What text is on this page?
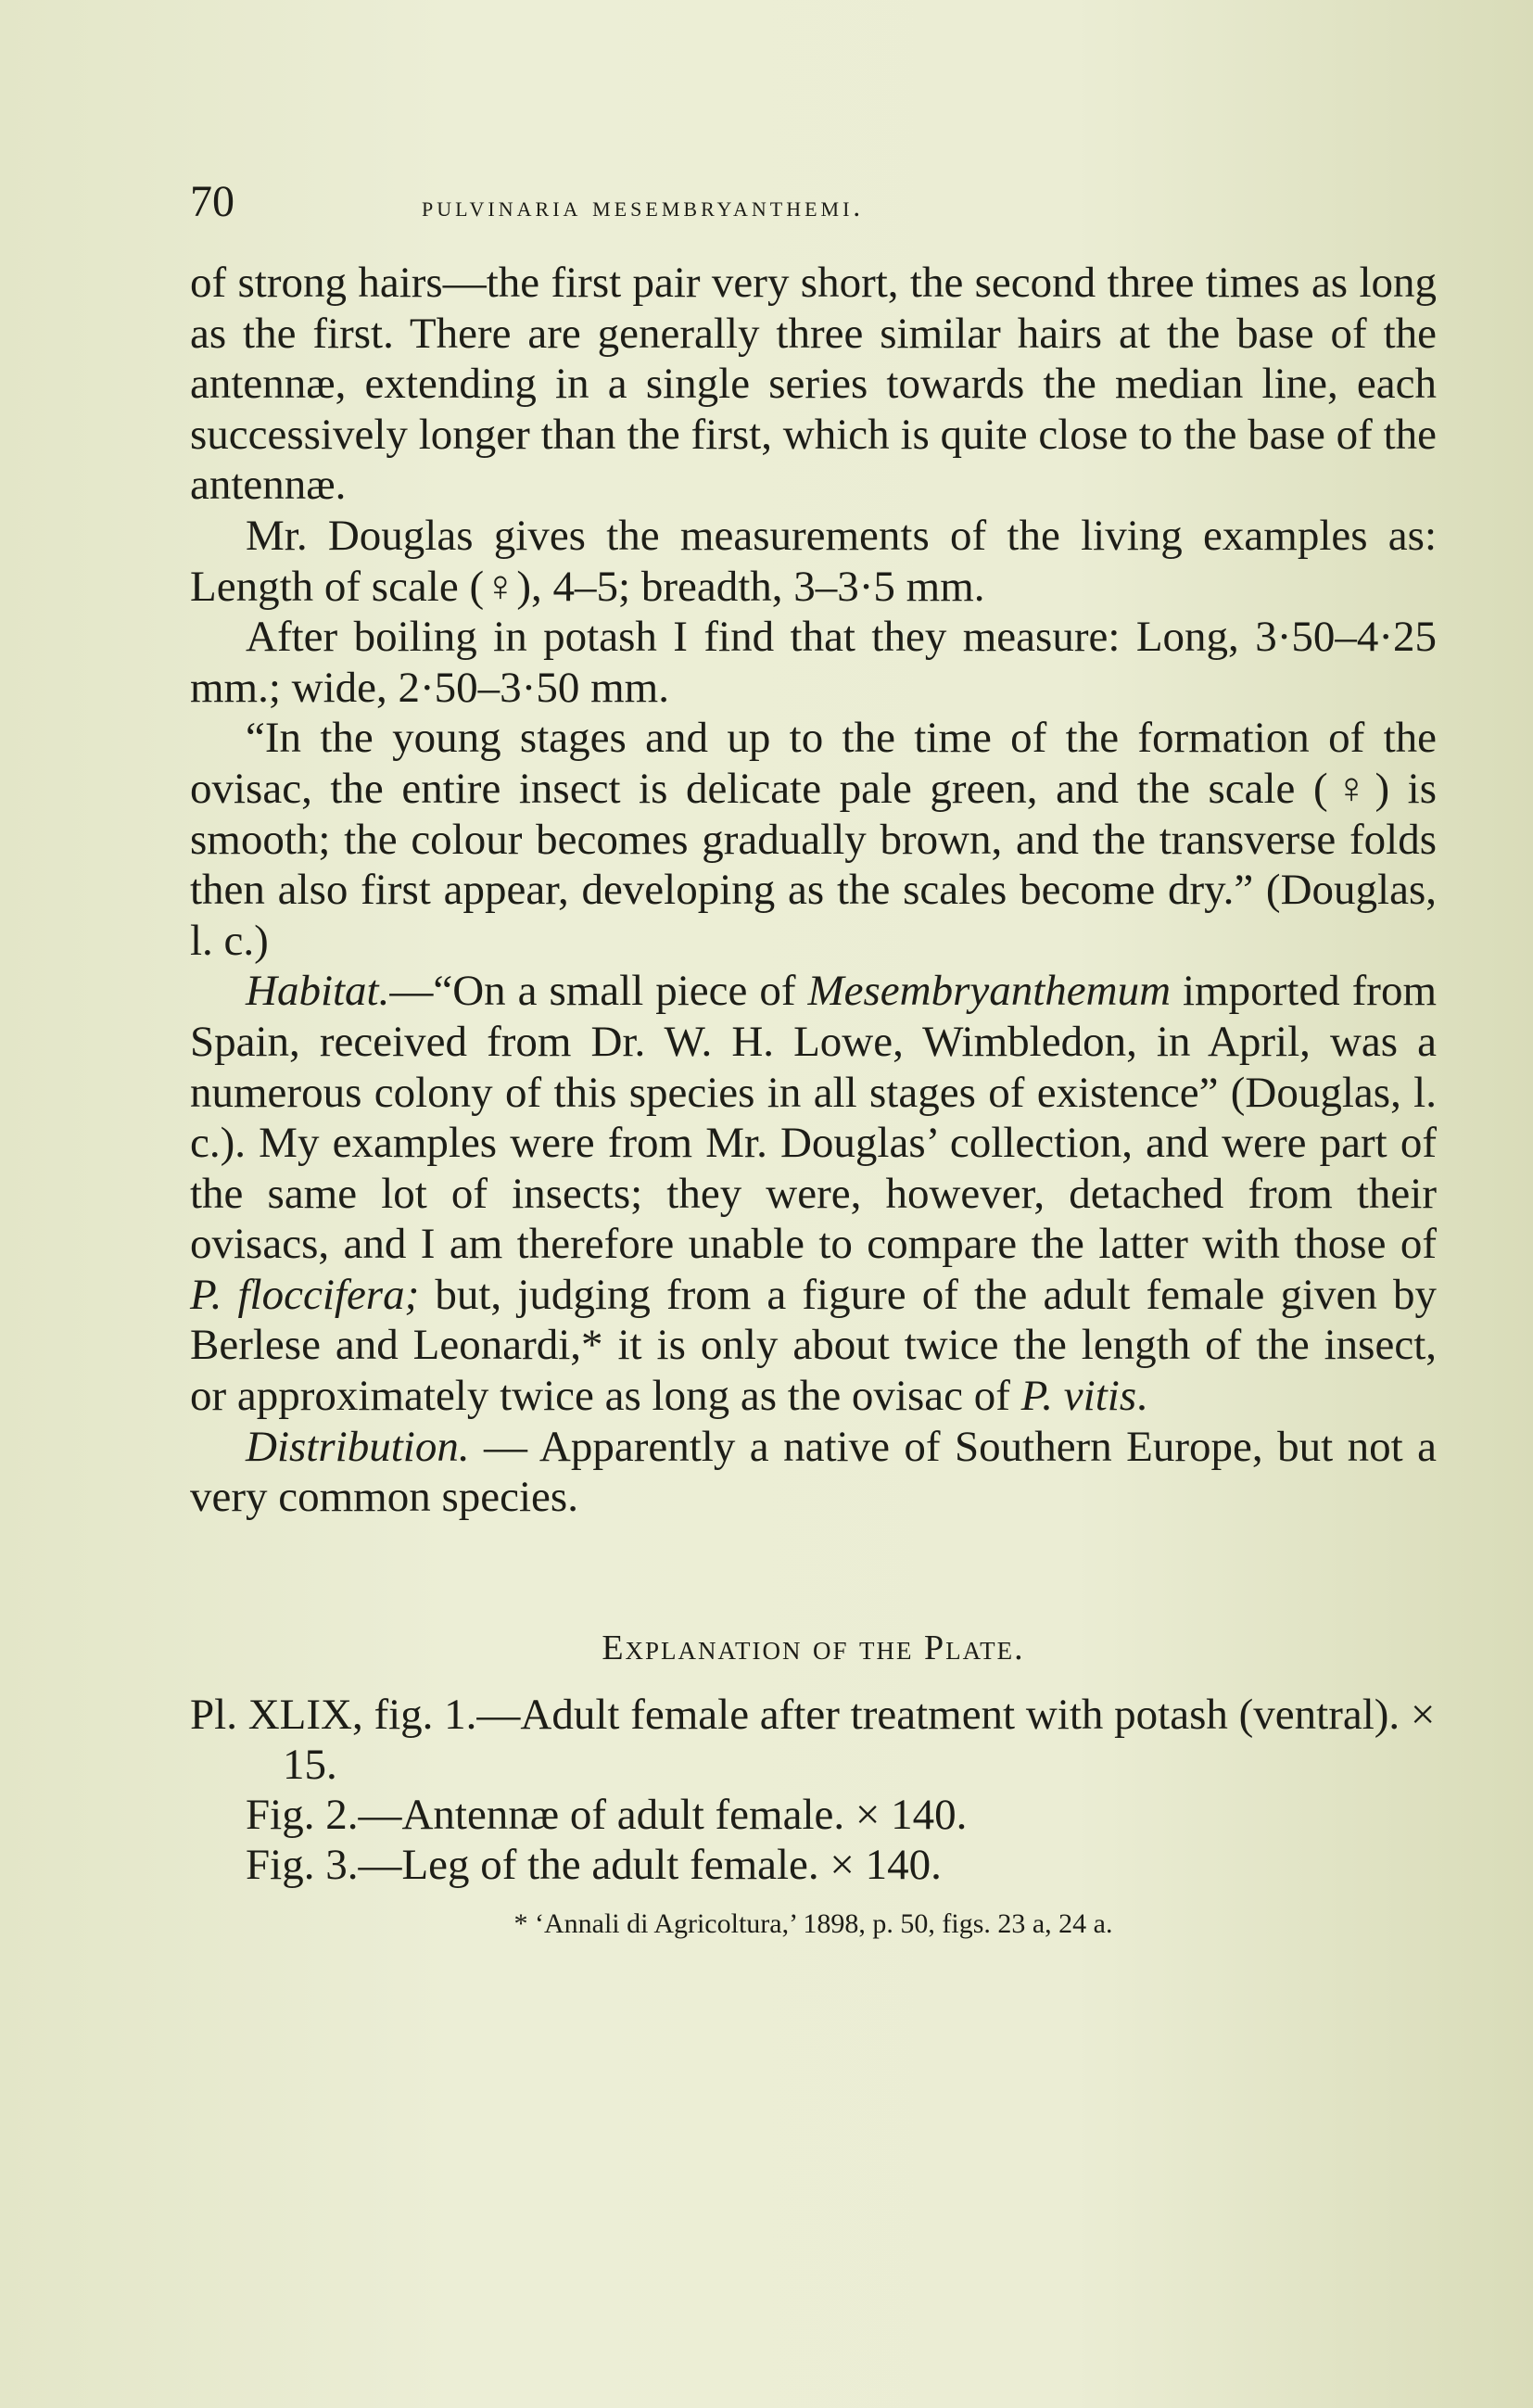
70	pulvinaria mesembryanthemi.

of strong hairs—the first pair very short, the second three times as long as the first. There are generally three similar hairs at the base of the antennæ, extending in a single series towards the median line, each successively longer than the first, which is quite close to the base of the antennæ.

Mr. Douglas gives the measurements of the living examples as: Length of scale (♀), 4–5; breadth, 3–3·5 mm.

After boiling in potash I find that they measure: Long, 3·50–4·25 mm.; wide, 2·50–3·50 mm.

“In the young stages and up to the time of the formation of the ovisac, the entire insect is delicate pale green, and the scale (♀) is smooth; the colour becomes gradually brown, and the transverse folds then also first appear, developing as the scales become dry.” (Douglas, l. c.)

Habitat.—“On a small piece of Mesembryanthemum imported from Spain, received from Dr. W. H. Lowe, Wimbledon, in April, was a numerous colony of this species in all stages of existence” (Douglas, l. c.). My examples were from Mr. Douglas’ collection, and were part of the same lot of insects; they were, however, detached from their ovisacs, and I am therefore unable to compare the latter with those of P. floccifera; but, judging from a figure of the adult female given by Berlese and Leonardi,* it is only about twice the length of the insect, or approximately twice as long as the ovisac of P. vitis.

Distribution. — Apparently a native of Southern Europe, but not a very common species.

Explanation of the Plate.

Pl. XLIX, fig. 1.—Adult female after treatment with potash (ventral). × 15.

Fig. 2.—Antennæ of adult female. × 140.

Fig. 3.—Leg of the adult female. × 140.

* ‘Annali di Agricoltura,’ 1898, p. 50, figs. 23 a, 24 a.
